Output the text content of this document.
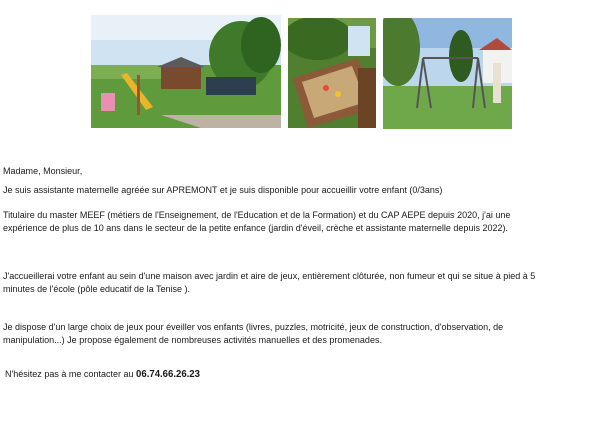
Madame, Monsieur,
Je suis assistante maternelle agréée sur APREMONT et je suis disponible pour accueillir votre enfant (0/3ans)
Titulaire du master MEEF (métiers de l'Enseignement, de l'Education et de la Formation) et du CAP AEPE depuis 2020, j'ai une expérience de plus de 10 ans dans le secteur de la petite enfance (jardin d'éveil, crèche et assistante maternelle depuis 2022).
J'accueillerai votre enfant au sein d'une maison avec jardin et aire de jeux, entièrement clôturée, non fumeur et qui se situe à pied à 5 minutes de l'école (pôle educatif de la Tenise ).
Je dispose d'un large choix de jeux pour éveiller vos enfants (livres, puzzles, motricité, jeux de construction, d'observation, de manipulation...) Je propose également de nombreuses activités manuelles et des promenades.
N'hésitez pas à me contacter au 06.74.66.26.23
